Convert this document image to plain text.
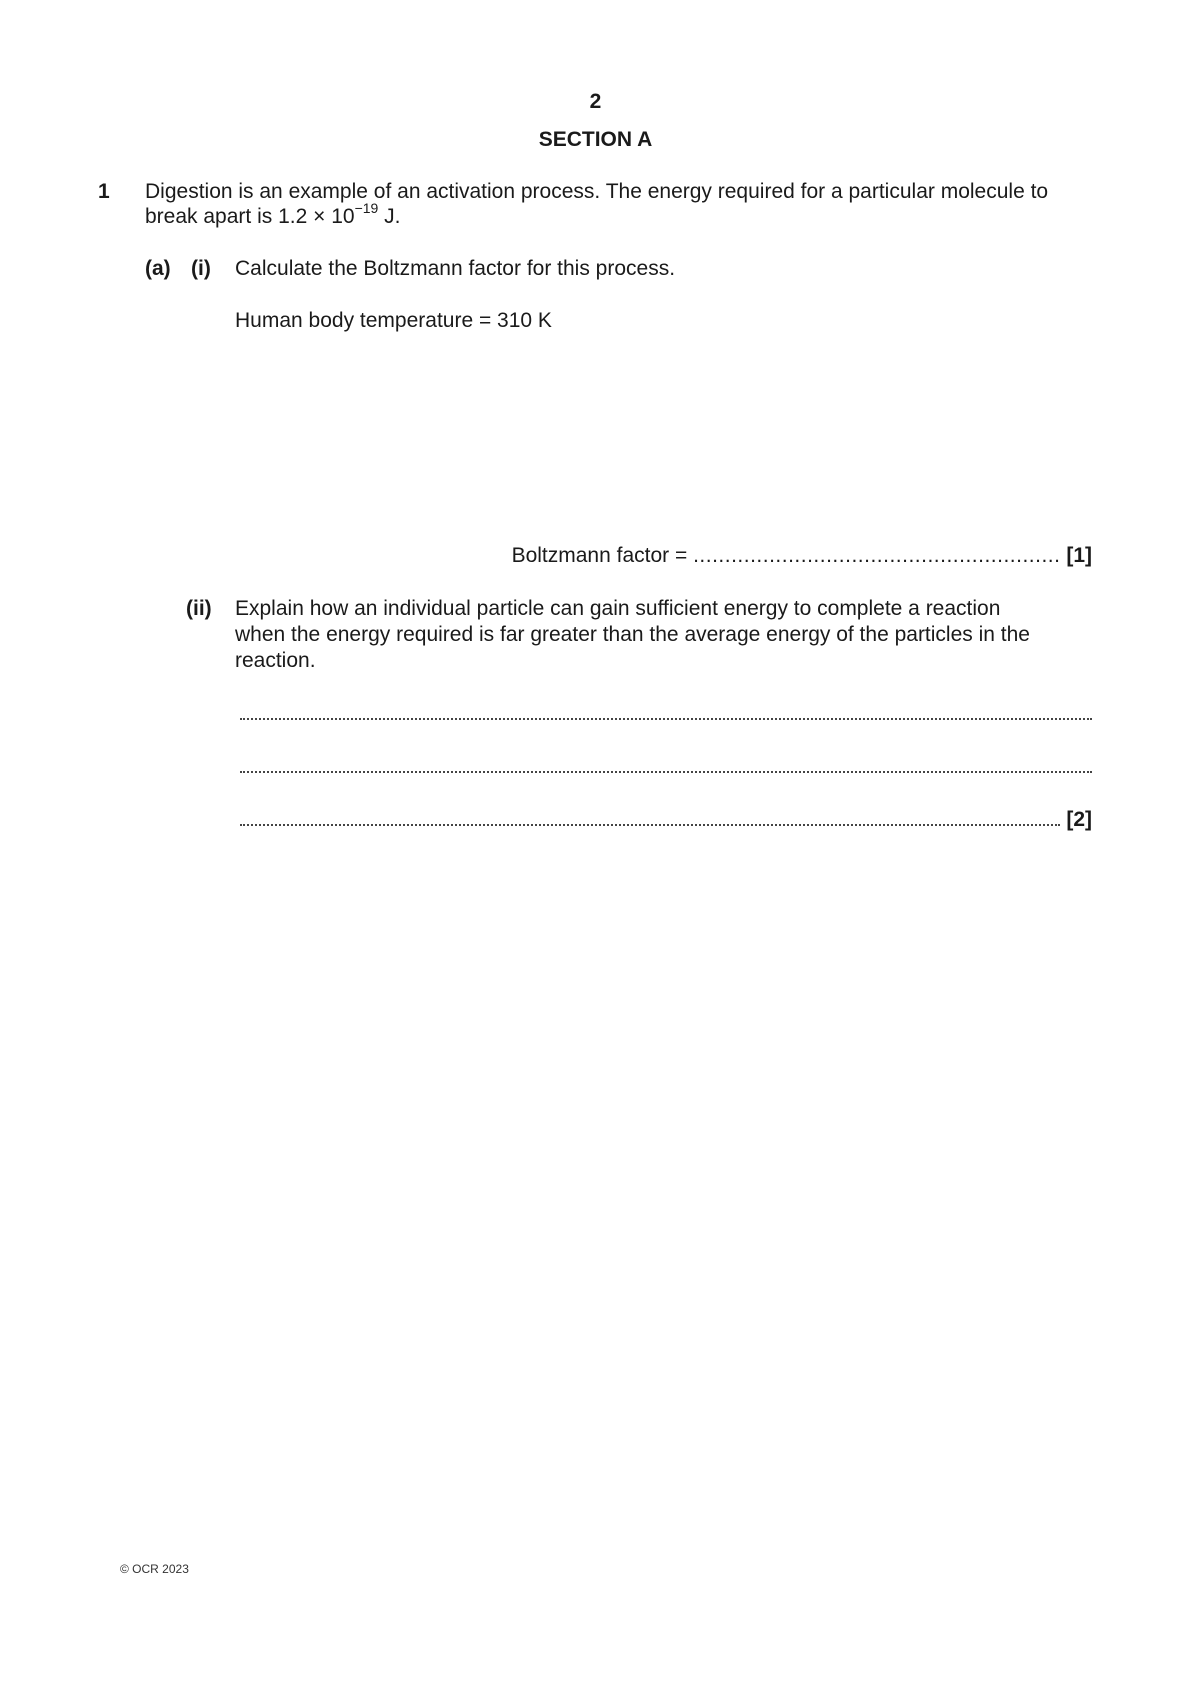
2
SECTION A
1 Digestion is an example of an activation process. The energy required for a particular molecule to
break apart is $1.2 \times 10^{-19}$ J.
(a) (i) Calculate the Boltzmann factor for this process.
Human body temperature = 310 K
Boltzmann factor = .......................................................... [1]
(ii) Explain how an individual particle can gain sufficient energy to complete a reaction
when the energy required is far greater than the average energy of the particles in the
reaction.
[2]
© OCR 2023
